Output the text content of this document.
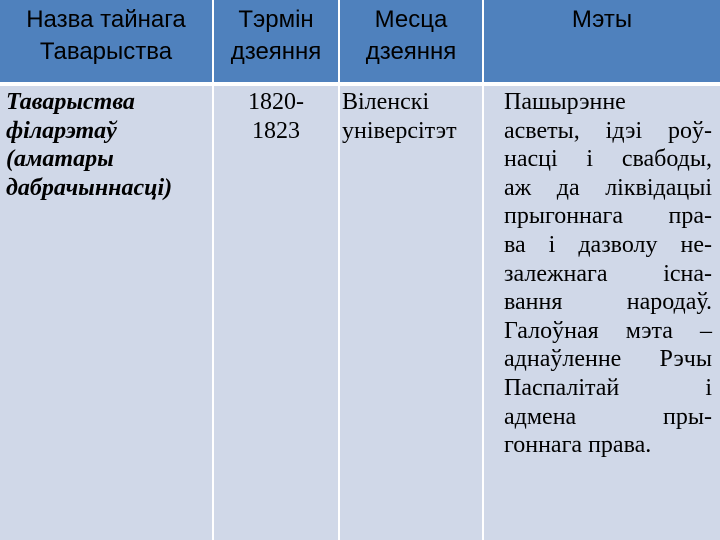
Назва тайнага
Таварыства
Тэрмін
дзеяння
Месца
дзеяння
Мэты
Таварыства
філарэтаў
(аматары
дабрачыннасці)
1820-
1823
Віленскі
універсітэт
Пашырэнне
асветы, ідэі роў-
насці і свабоды,
аж да ліквідацыі
прыгоннага пра-
ва і дазволу не-
залежнага існа-
вання народаў.
Галоўная мэта –
аднаўленне Рэчы
Паспалітай і
адмена пры-
гоннага права.
